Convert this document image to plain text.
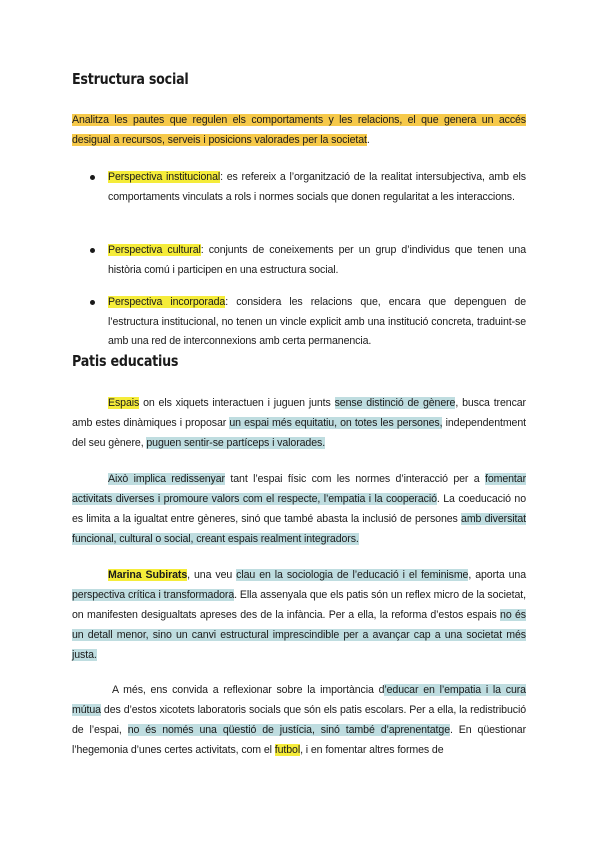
Estructura social

Analitza les pautes que regulen els comportaments y les relacions, el que genera un accés desigual a recursos, serveis i posicions valorades per la societat.

Perspectiva institucional: es refereix a l’organització de la realitat intersubjectiva, amb els comportaments vinculats a rols i normes socials que donen regularitat a les interaccions.
Perspectiva cultural: conjunts de coneixements per un grup d’individus que tenen una història comú i participen en una estructura social.
Perspectiva incorporada: considera les relacions que, encara que depenguen de l’estructura institucional, no tenen un vincle explicit amb una institució concreta, traduint-se amb una red de interconnexions amb certa permanencia.
Patis educatius

Espais on els xiquets interactuen i juguen junts sense distinció de gènere, busca trencar amb estes dinàmiques i proposar un espai més equitatiu, on totes les persones, independentment del seu gènere, puguen sentir-se partíceps i valorades.

Això implica redissenyar tant l’espai físic com les normes d’interacció per a fomentar activitats diverses i promoure valors com el respecte, l’empatia i la cooperació. La coeducació no es limita a la igualtat entre gèneres, sinó que també abasta la inclusió de persones amb diversitat funcional, cultural o social, creant espais realment integradors.

Marina Subirats, una veu clau en la sociologia de l’educació i el feminisme, aporta una perspectiva crítica i transformadora. Ella assenyala que els patis són un reflex micro de la societat, on manifesten desigualtats apreses des de la infància. Per a ella, la reforma d’estos espais no és un detall menor, sino un canvi estructural imprescindible per a avançar cap a una societat més justa.

A més, ens convida a reflexionar sobre la importància d’educar en l’empatia i la cura mútua des d’estos xicotets laboratoris socials que són els patis escolars. Per a ella, la redistribució de l’espai, no és només una qüestió de justícia, sinó també d’aprenentatge. En qüestionar l’hegemonia d’unes certes activitats, com el futbol, i en fomentar altres formes de
